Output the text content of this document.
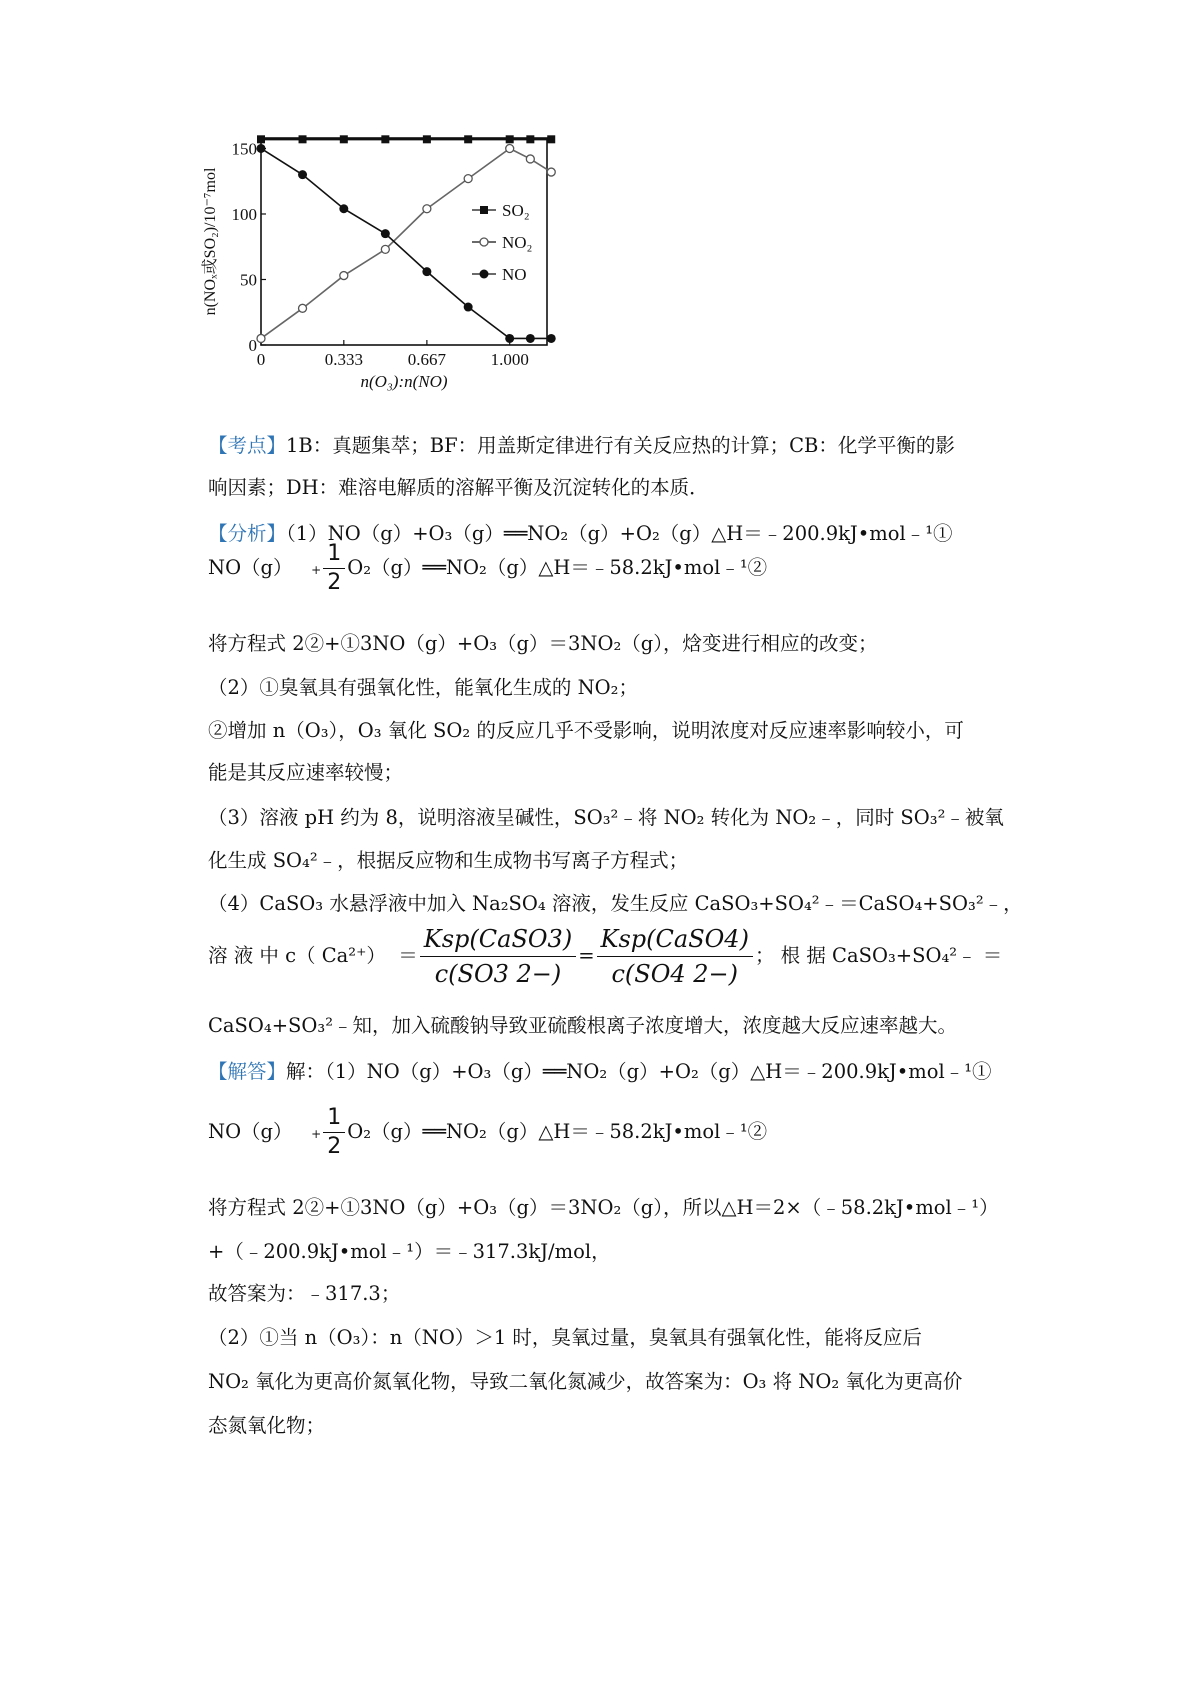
0	0.333	0.667	1.000
0
50
100
150
n(O₃):n(NO)
n(NOₓ或SO₂)/10⁻⁷mol	SO₂
NO₂
NO
【考点】1B：真题集萃；BF：用盖斯定律进行有关反应热的计算；CB：化学平衡的影
响因素；DH：难溶电解质的溶解平衡及沉淀转化的本质．
【分析】（1）NO（g）+O₃（g）══NO₂（g）+O₂（g）△H＝﹣200.9kJ•mol﹣¹①
$NO(g) + \frac{1}{2}$ O₂（g）══NO₂（g）△H＝﹣58.2kJ•mol﹣¹②
将方程式 2②+①3NO（g）+O₃（g）＝3NO₂（g），焓变进行相应的改变；
（2）①臭氧具有强氧化性，能氧化生成的 NO₂；
②增加 n（O₃），O₃ 氧化 SO₂ 的反应几乎不受影响，说明浓度对反应速率影响较小，可
能是其反应速率较慢；
（3）溶液 pH 约为 8，说明溶液呈碱性，SO₃²﹣将 NO₂ 转化为 NO₂﹣，同时 SO₃²﹣被氧
化生成 SO₄²﹣，根据反应物和生成物书写离子方程式；
（4）CaSO₃ 水悬浮液中加入 Na₂SO₄ 溶液，发生反应 CaSO₃+SO₄²﹣＝CaSO₄+SO₃²﹣，
溶 液 中 c（ $Ca^{2+}) = \frac{\text{Ksp(CaSO3)}}{c(SO3 2-)} = \frac{\text{Ksp(CaSO4)}}{c(SO4 2-)}$ ； 根 据 CaSO₃+SO₄²﹣ ＝
CaSO₄+SO₃²﹣知，加入硫酸钠导致亚硫酸根离子浓度增大，浓度越大反应速率越大。
【解答】解：（1）NO（g）+O₃（g）══NO₂（g）+O₂（g）△H＝﹣200.9kJ•mol﹣¹①
$NO(g) + \frac{1}{2}$ O₂（g）══NO₂（g）△H＝﹣58.2kJ•mol﹣¹②
将方程式 2②+①3NO（g）+O₃（g）＝3NO₂（g），所以△H＝2×（﹣58.2kJ•mol﹣¹）
+（﹣200.9kJ•mol﹣¹）＝﹣317.3kJ/mol，
故答案为：﹣317.3；
（2）①当 n（O₃）：n（NO）＞1 时，臭氧过量，臭氧具有强氧化性，能将反应后
NO₂ 氧化为更高价氮氧化物，导致二氧化氮减少，故答案为：O₃ 将 NO₂ 氧化为更高价
态氮氧化物；
